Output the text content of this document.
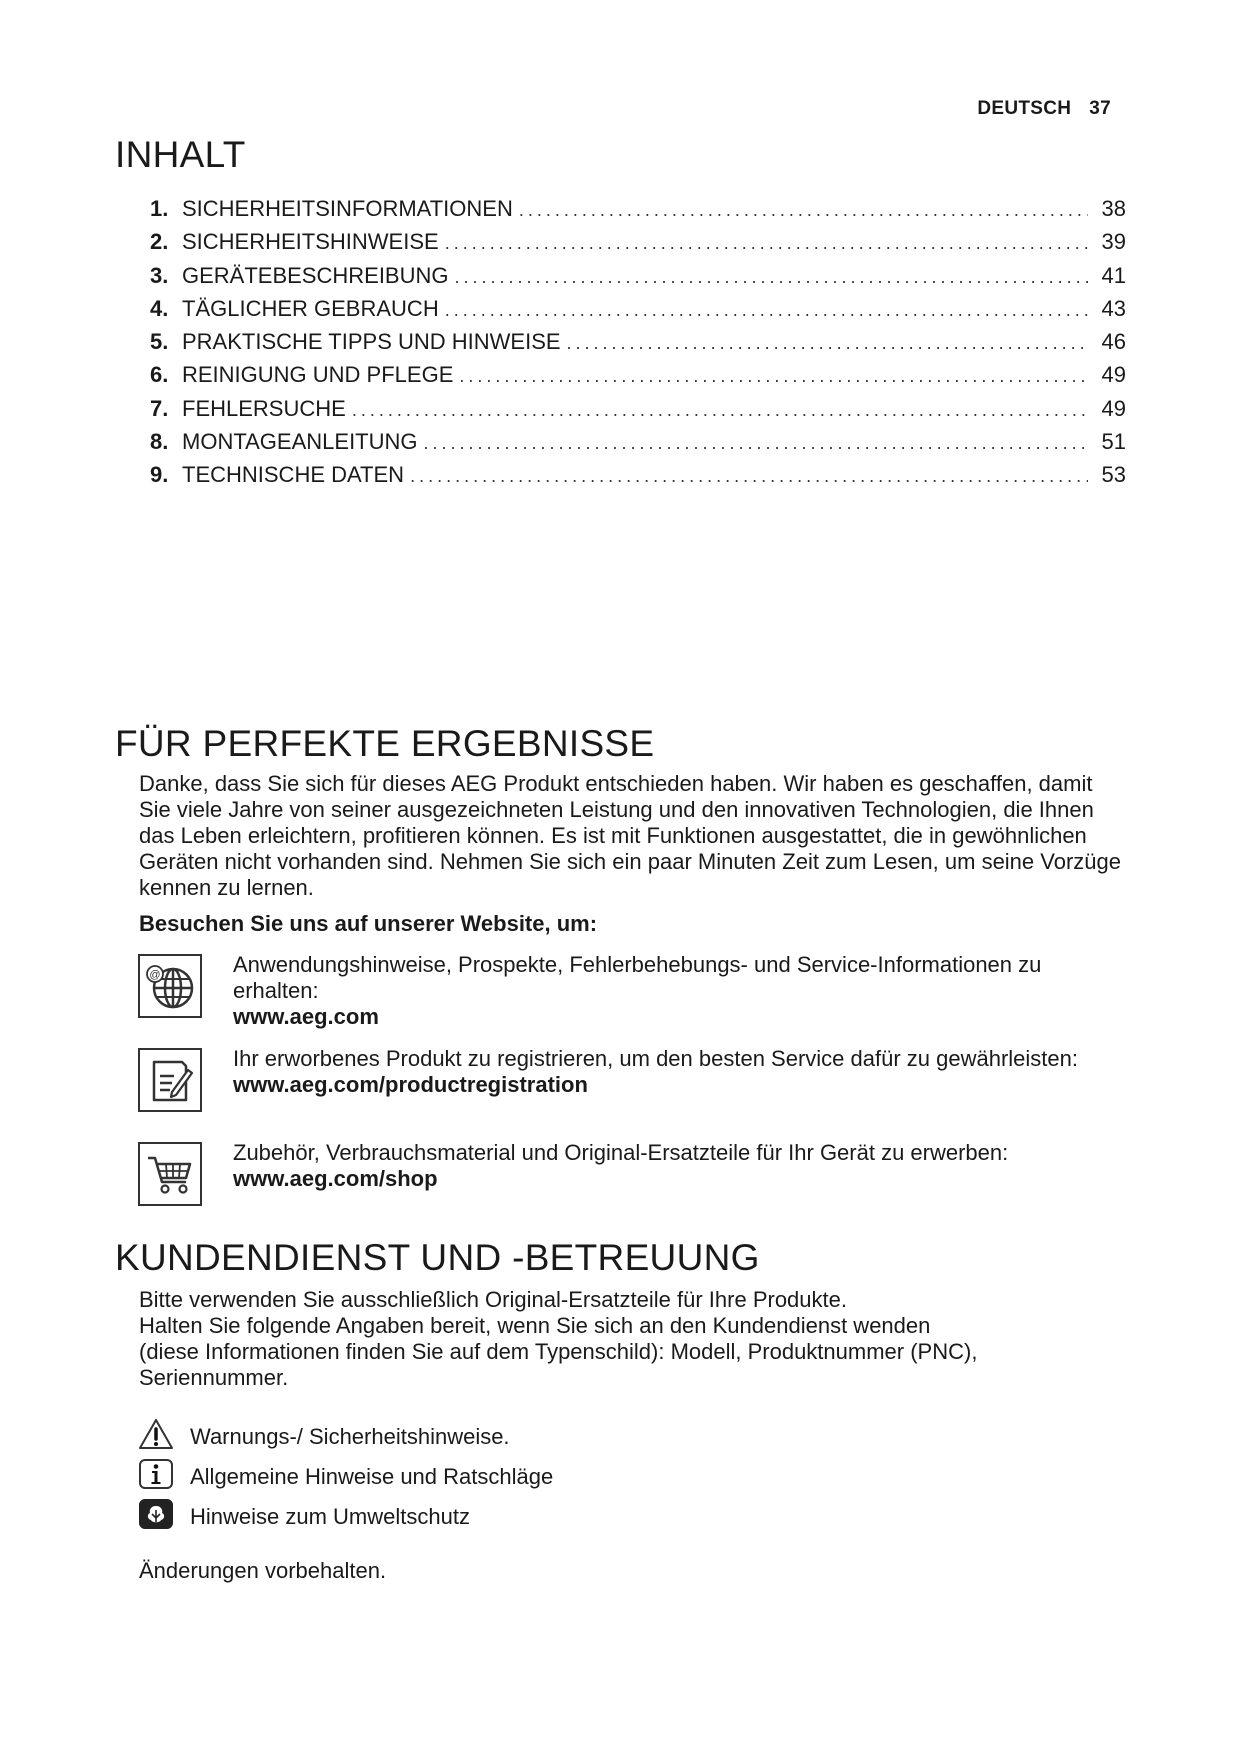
DEUTSCH 37
INHALT
1. SICHERHEITSINFORMATIONEN .....	38
2. SICHERHEITSHINWEISE .....	39
3. GERÄTEBESCHREIBUNG .....	41
4. TÄGLICHER GEBRAUCH .....	43
5. PRAKTISCHE TIPPS UND HINWEISE .....	46
6. REINIGUNG UND PFLEGE .....	49
7. FEHLERSUCHE .....	49
8. MONTAGEANLEITUNG .....	51
9. TECHNISCHE DATEN .....	53
FÜR PERFEKTE ERGEBNISSE

Danke, dass Sie sich für dieses AEG Produkt entschieden haben. Wir haben es geschaffen, damit Sie viele Jahre von seiner ausgezeichneten Leistung und den innovativen Technologien, die Ihnen das Leben erleichtern, profitieren können. Es ist mit Funktionen ausgestattet, die in gewöhnlichen Geräten nicht vorhanden sind. Nehmen Sie sich ein paar Minuten Zeit zum Lesen, um seine Vorzüge kennen zu lernen.

Besuchen Sie uns auf unserer Website, um:

@	Anwendungshinweise, Prospekte, Fehlerbehebungs- und Service-Informationen zu erhalten:
www.aeg.com
Ihr erworbenes Produkt zu registrieren, um den besten Service dafür zu gewährleisten:
www.aeg.com/productregistration
Zubehör, Verbrauchsmaterial und Original-Ersatzteile für Ihr Gerät zu erwerben:
www.aeg.com/shop
KUNDENDIENST UND -BETREUUNG

Bitte verwenden Sie ausschließlich Original-Ersatzteile für Ihre Produkte.
Halten Sie folgende Angaben bereit, wenn Sie sich an den Kundendienst wenden
(diese Informationen finden Sie auf dem Typenschild): Modell, Produktnummer (PNC),
Seriennummer.

Warnungs-/ Sicherheitshinweise.
Allgemeine Hinweise und Ratschläge
Hinweise zum Umweltschutz

Änderungen vorbehalten.
